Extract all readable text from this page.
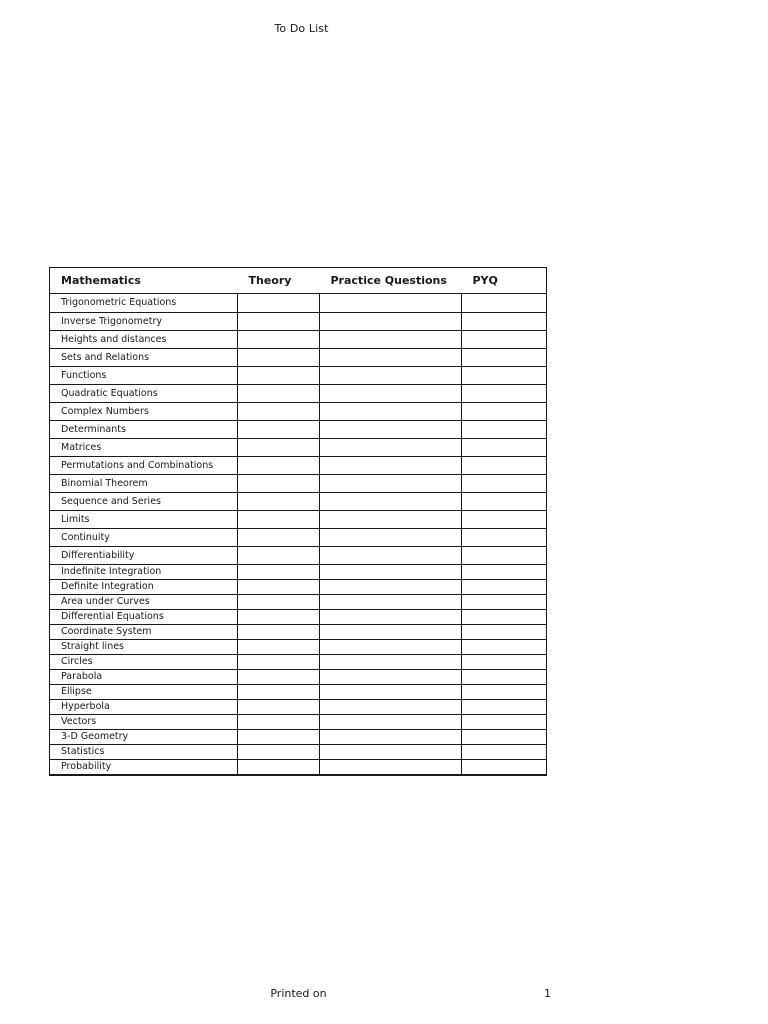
To Do List
Mathematics	Theory	Practice Questions	PYQ
Trigonometric Equations			
Inverse Trigonometry			
Heights and distances			
Sets and Relations			
Functions			
Quadratic Equations			
Complex Numbers			
Determinants			
Matrices			
Permutations and Combinations			
Binomial Theorem			
Sequence and Series			
Limits			
Continuity			
Differentiability			
Indefinite Integration			
Definite Integration			
Area under Curves			
Differential Equations			
Coordinate System			
Straight lines			
Circles			
Parabola			
Ellipse			
Hyperbola			
Vectors			
3-D Geometry			
Statistics			
Probability			
Printed on	1
